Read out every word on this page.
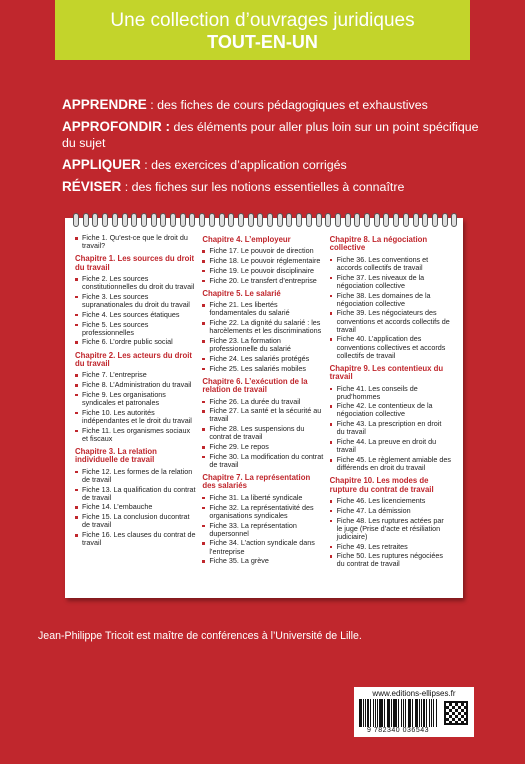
Une collection d’ouvrages juridiques
TOUT-EN-UN
APPRENDRE : des fiches de cours pédagogiques et exhaustives
APPROFONDIR : des éléments pour aller plus loin sur un point spécifique du sujet
APPLIQUER : des exercices d’application corrigés
RÉVISER : des fiches sur les notions essentielles à connaître
Fiche 1. Qu’est-ce que le droit du travail?
Chapitre 1. Les sources du droit du travail
Fiche 2. Les sources constitutionnelles du droit du travail
Fiche 3. Les sources supranationales du droit du travail
Fiche 4. Les sources étatiques
Fiche 5. Les sources professionnelles
Fiche 6. L’ordre public social
Chapitre 2. Les acteurs du droit du travail
Fiche 7. L’entreprise
Fiche 8. L’Administration du travail
Fiche 9. Les organisations syndicales et patronales
Fiche 10. Les autorités indépendantes et le droit du travail
Fiche 11. Les organismes sociaux et fiscaux
Chapitre 3. La relation individuelle de travail
Fiche 12. Les formes de la relation de travail
Fiche 13. La qualification du contrat de travail
Fiche 14. L’embauche
Fiche 15. La conclusion ducontrat de travail
Fiche 16. Les clauses du contrat de travail
Chapitre 4. L’employeur
Fiche 17. Le pouvoir de direction
Fiche 18. Le pouvoir réglementaire
Fiche 19. Le pouvoir disciplinaire
Fiche 20. Le transfert d’entreprise
Chapitre 5. Le salarié
Fiche 21. Les libertés fondamentales du salarié
Fiche 22. La dignité du salarié : les harcèlements et les discriminations
Fiche 23. La formation professionnelle du salarié
Fiche 24. Les salariés protégés
Fiche 25. Les salariés mobiles
Chapitre 6. L’exécution de la relation de travail
Fiche 26. La durée du travail
Fiche 27. La santé et la sécurité au travail
Fiche 28. Les suspensions du contrat de travail
Fiche 29. Le repos
Fiche 30. La modification du contrat de travail
Chapitre 7. La représentation des salariés
Fiche 31. La liberté syndicale
Fiche 32. La représentativité des organisations syndicales
Fiche 33. La représentation dupersonnel
Fiche 34. L’action syndicale dans l’entreprise
Fiche 35. La grève
Chapitre 8. La négociation collective
Fiche 36. Les conventions et accords collectifs de travail
Fiche 37. Les niveaux de la négociation collective
Fiche 38. Les domaines de la négociation collective
Fiche 39. Les négociateurs des conventions et accords collectifs de travail
Fiche 40. L’application des conventions collectives et accords collectifs de travail
Chapitre 9. Les contentieux du travail
Fiche 41. Les conseils de prud’hommes
Fiche 42. Le contentieux de la négociation collective
Fiche 43. La prescription en droit du travail
Fiche 44. La preuve en droit du travail
Fiche 45. Le règlement amiable des différends en droit du travail
Chapitre 10. Les modes de rupture du contrat de travail
Fiche 46. Les licenciements
Fiche 47. La démission
Fiche 48. Les ruptures actées par le juge (Prise d’acte et résiliation judiciaire)
Fiche 49. Les retraites
Fiche 50. Les ruptures négociées du contrat de travail
Jean-Philippe Tricoit est maître de conférences à l’Université de Lille.
www.editions-ellipses.fr
9 782340 036543
